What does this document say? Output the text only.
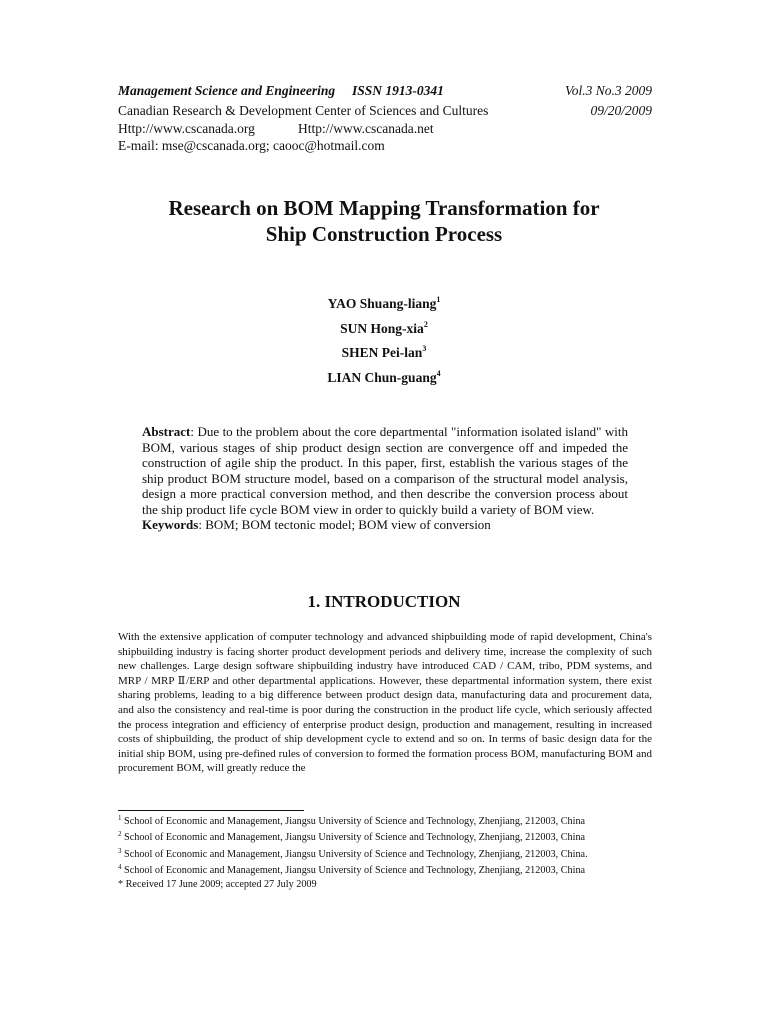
Management Science and Engineering ISSN 1913-0341	Vol.3 No.3 2009
Canadian Research & Development Center of Sciences and Cultures	09/20/2009
Http://www.cscanada.org	Http://www.cscanada.net
E-mail: mse@cscanada.org; caooc@hotmail.com
Research on BOM Mapping Transformation for
Ship Construction Process
YAO Shuang-liang$^1$
SUN Hong-xia$^2$
SHEN Pei-lan$^3$
LIAN Chun-guang$^4$
Abstract: Due to the problem about the core departmental "information isolated island" with BOM, various stages of ship product design section are convergence off and impeded the construction of agile ship the product. In this paper, first, establish the various stages of the ship product BOM structure model, based on a comparison of the structural model analysis, design a more practical conversion method, and then describe the conversion process about the ship product life cycle BOM view in order to quickly build a variety of BOM view.
Keywords: BOM; BOM tectonic model; BOM view of conversion
1. INTRODUCTION
With the extensive application of computer technology and advanced shipbuilding mode of rapid development, China's shipbuilding industry is facing shorter product development periods and delivery time, increase the complexity of such new challenges. Large design software shipbuilding industry have introduced CAD / CAM, tribo, PDM systems, and MRP / MRP Ⅱ/ERP and other departmental applications. However, these departmental information system, there exist sharing problems, leading to a big difference between product design data, manufacturing data and procurement data, and also the consistency and real-time is poor during the construction in the product life cycle, which seriously affected the process integration and efficiency of enterprise product design, production and management, resulting in increased costs of shipbuilding, the product of ship development cycle to extend and so on. In terms of basic design data for the initial ship BOM, using pre-defined rules of conversion to formed the formation process BOM, manufacturing BOM and procurement BOM, will greatly reduce the
$^1$ School of Economic and Management, Jiangsu University of Science and Technology, Zhenjiang, 212003, China
$^2$ School of Economic and Management, Jiangsu University of Science and Technology, Zhenjiang, 212003, China
$^3$ School of Economic and Management, Jiangsu University of Science and Technology, Zhenjiang, 212003, China.
$^4$ School of Economic and Management, Jiangsu University of Science and Technology, Zhenjiang, 212003, China
* Received 17 June 2009; accepted 27 July 2009
